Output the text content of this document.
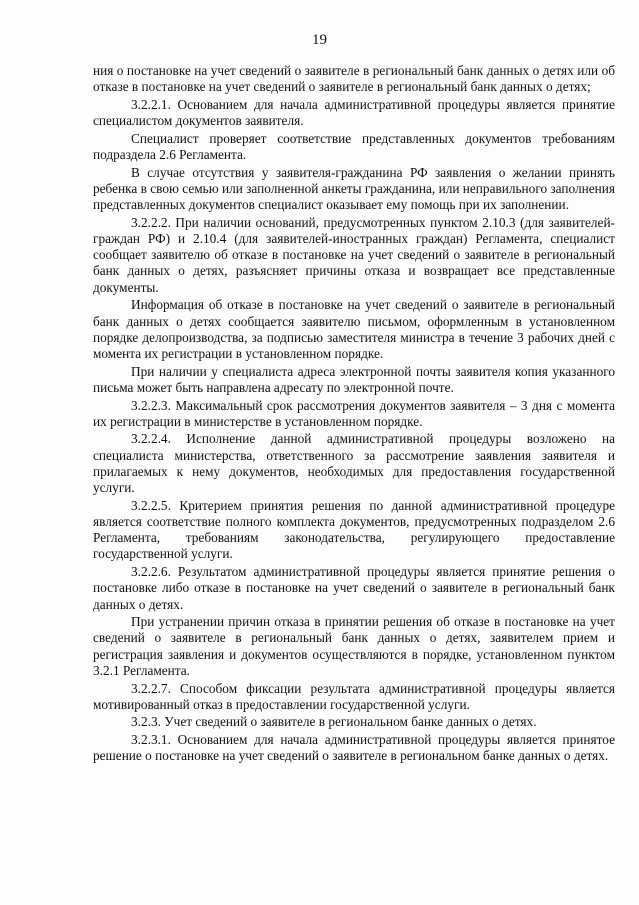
19

ния о постановке на учет сведений о заявителе в региональный банк данных о детях или об отказе в постановке на учет сведений о заявителе в региональный банк данных о детях;

3.2.2.1. Основанием для начала административной процедуры является принятие специалистом документов заявителя.

Специалист проверяет соответствие представленных документов требованиям подраздела 2.6 Регламента.

В случае отсутствия у заявителя-гражданина РФ заявления о желании принять ребенка в свою семью или заполненной анкеты гражданина, или неправильного заполнения представленных документов специалист оказывает ему помощь при их заполнении.

3.2.2.2. При наличии оснований, предусмотренных пунктом 2.10.3 (для заявителей-граждан РФ) и 2.10.4 (для заявителей-иностранных граждан) Регламента, специалист сообщает заявителю об отказе в постановке на учет сведений о заявителе в региональный банк данных о детях, разъясняет причины отказа и возвращает все представленные документы.

Информация об отказе в постановке на учет сведений о заявителе в региональный банк данных о детях сообщается заявителю письмом, оформленным в установленном порядке делопроизводства, за подписью заместителя министра в течение 3 рабочих дней с момента их регистрации в установленном порядке.

При наличии у специалиста адреса электронной почты заявителя копия указанного письма может быть направлена адресату по электронной почте.

3.2.2.3. Максимальный срок рассмотрения документов заявителя – 3 дня с момента их регистрации в министерстве в установленном порядке.

3.2.2.4. Исполнение данной административной процедуры возложено на специалиста министерства, ответственного за рассмотрение заявления заявителя и прилагаемых к нему документов, необходимых для предоставления государственной услуги.

3.2.2.5. Критерием принятия решения по данной административной процедуре является соответствие полного комплекта документов, предусмотренных подразделом 2.6 Регламента, требованиям законодательства, регулирующего предоставление государственной услуги.

3.2.2.6. Результатом административной процедуры является принятие решения о постановке либо отказе в постановке на учет сведений о заявителе в региональный банк данных о детях.

При устранении причин отказа в принятии решения об отказе в постановке на учет сведений о заявителе в региональный банк данных о детях, заявителем прием и регистрация заявления и документов осуществляются в порядке, установленном пунктом 3.2.1 Регламента.

3.2.2.7. Способом фиксации результата административной процедуры является мотивированный отказ в предоставлении государственной услуги.

3.2.3. Учет сведений о заявителе в региональном банке данных о детях.

3.2.3.1. Основанием для начала административной процедуры является принятое решение о постановке на учет сведений о заявителе в региональном банке данных о детях.
